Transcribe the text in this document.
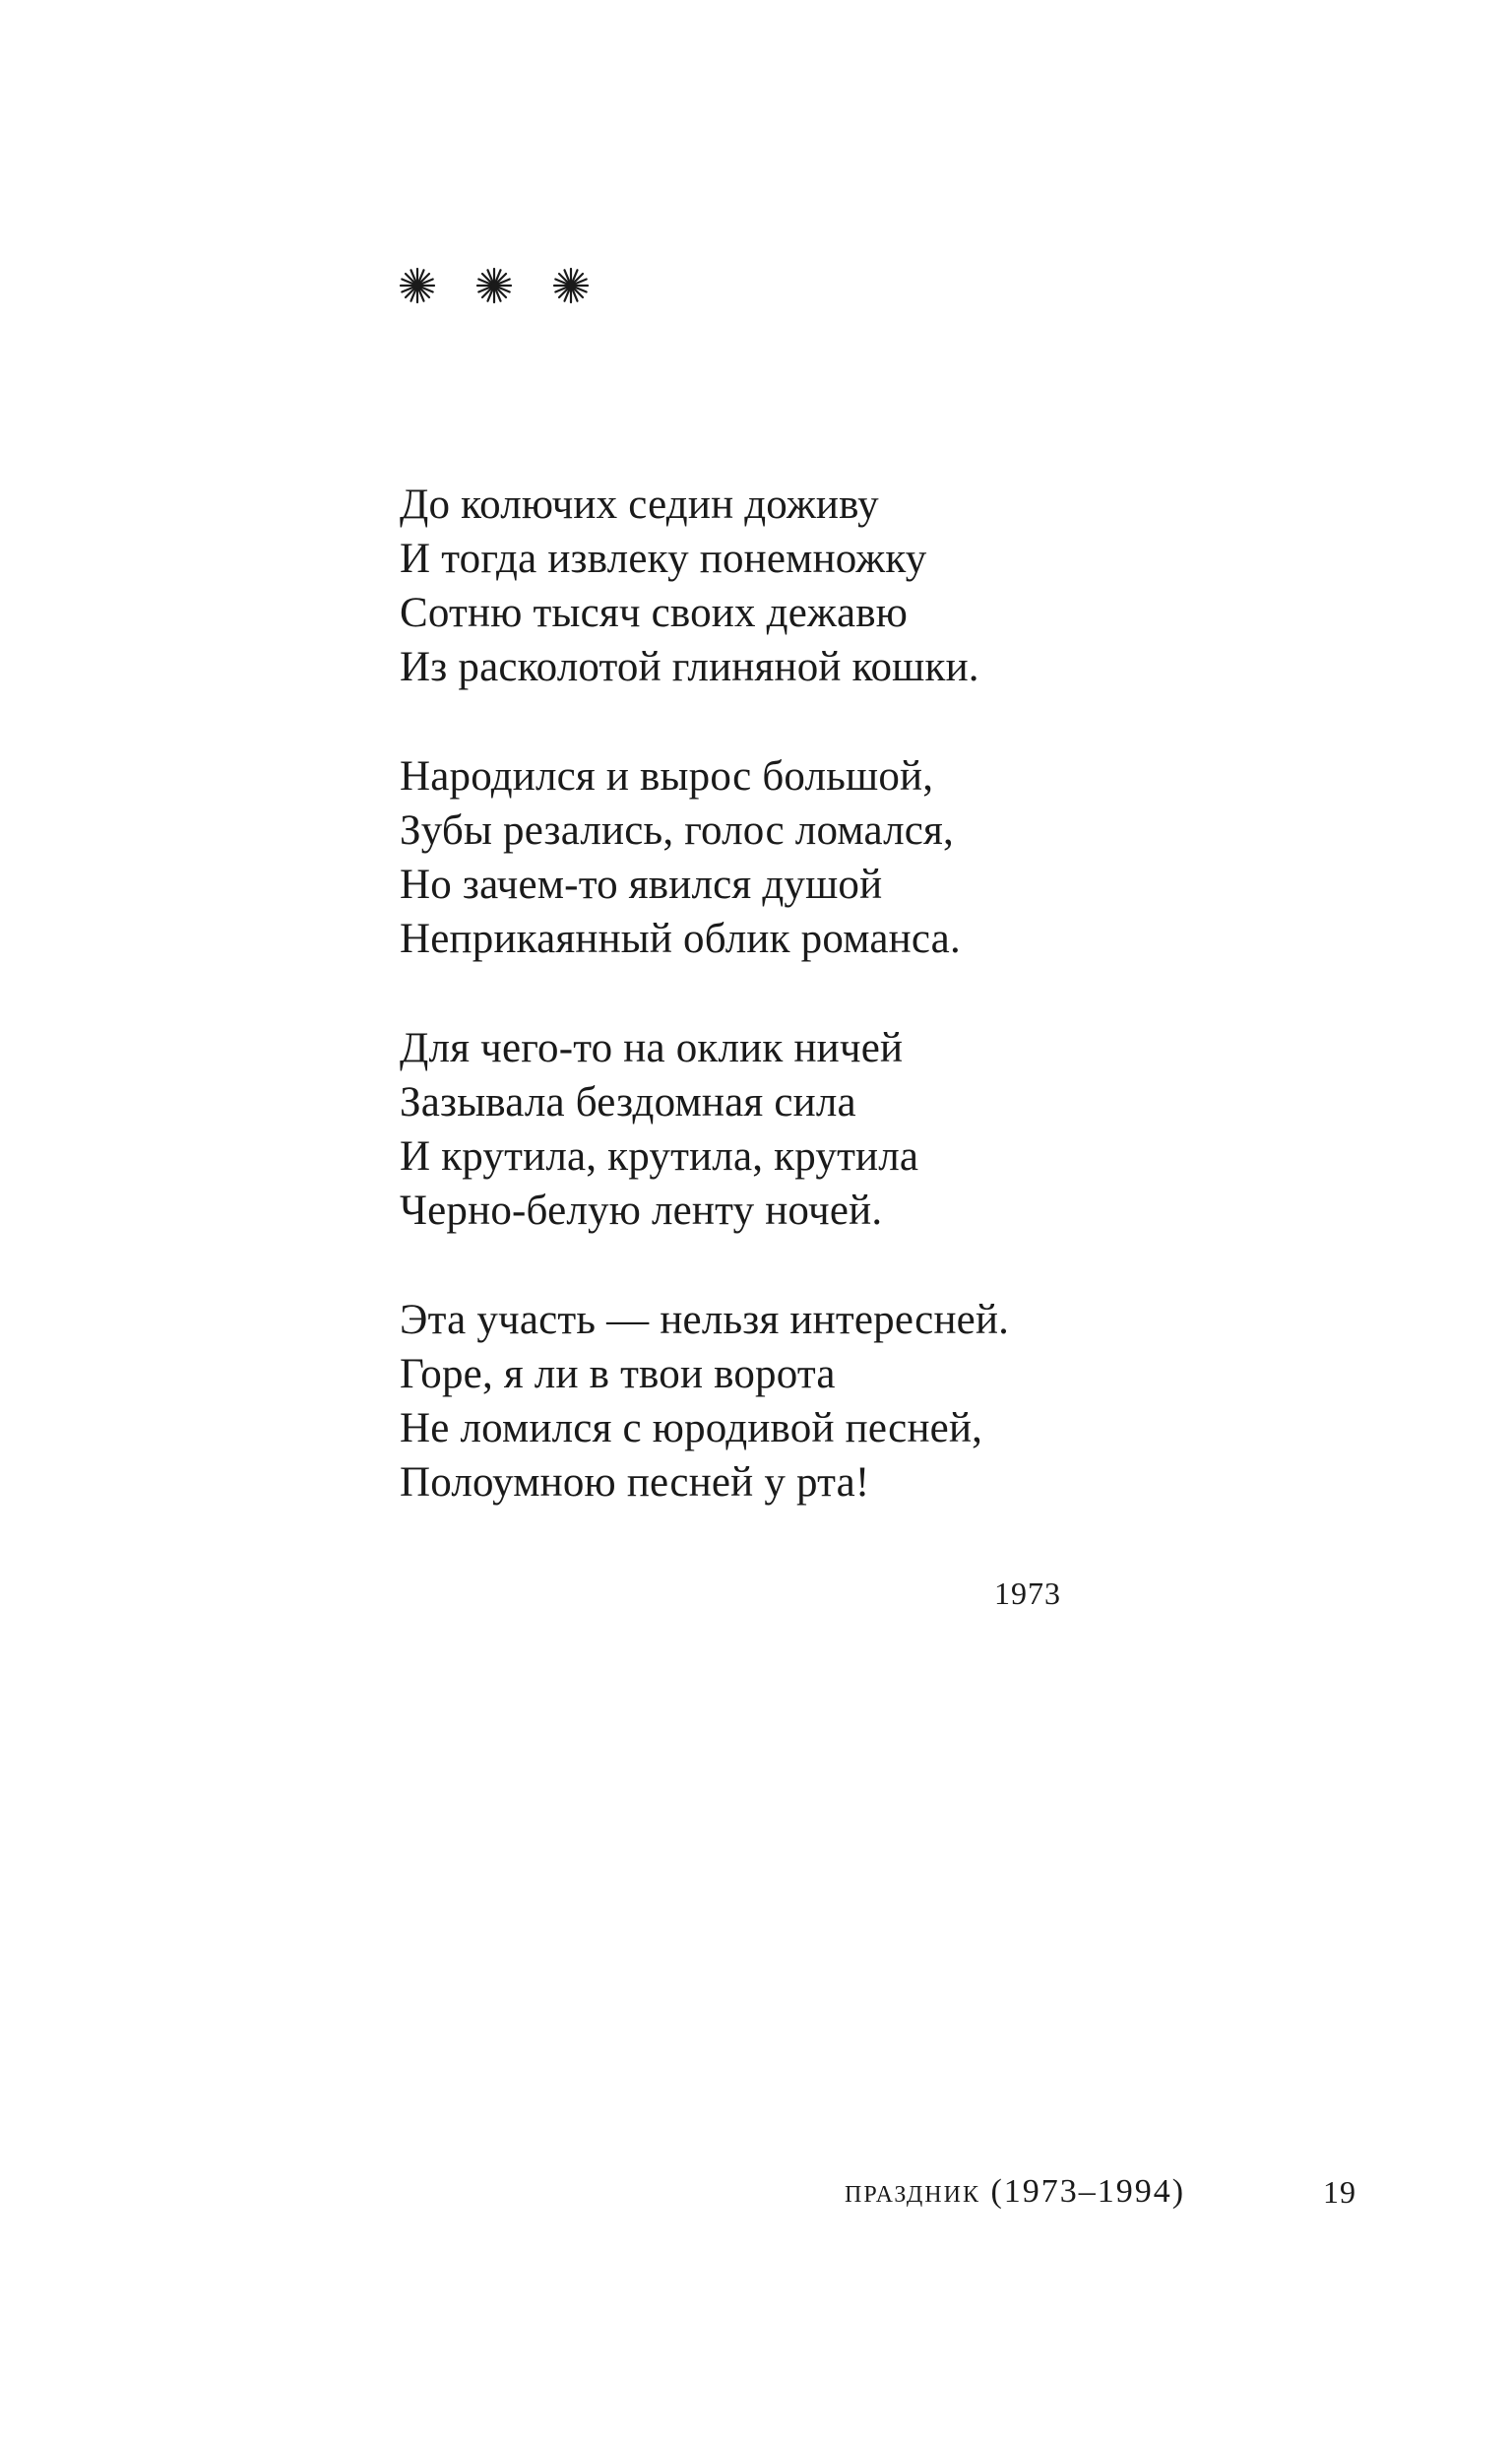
До колючих седин доживу
И тогда извлеку понемножку
Сотню тысяч своих дежавю
Из расколотой глиняной кошки.
Народился и вырос большой,
Зубы резались, голос ломался,
Но зачем-то явился душой
Неприкаянный облик романса.
Для чего-то на оклик ничей
Зазывала бездомная сила
И крутила, крутила, крутила
Черно-белую ленту ночей.
Эта участь — нельзя интересней.
Горе, я ли в твои ворота
Не ломился с юродивой песней,
Полоумною песней у рта!
1973
праздник (1973–1994)	19
